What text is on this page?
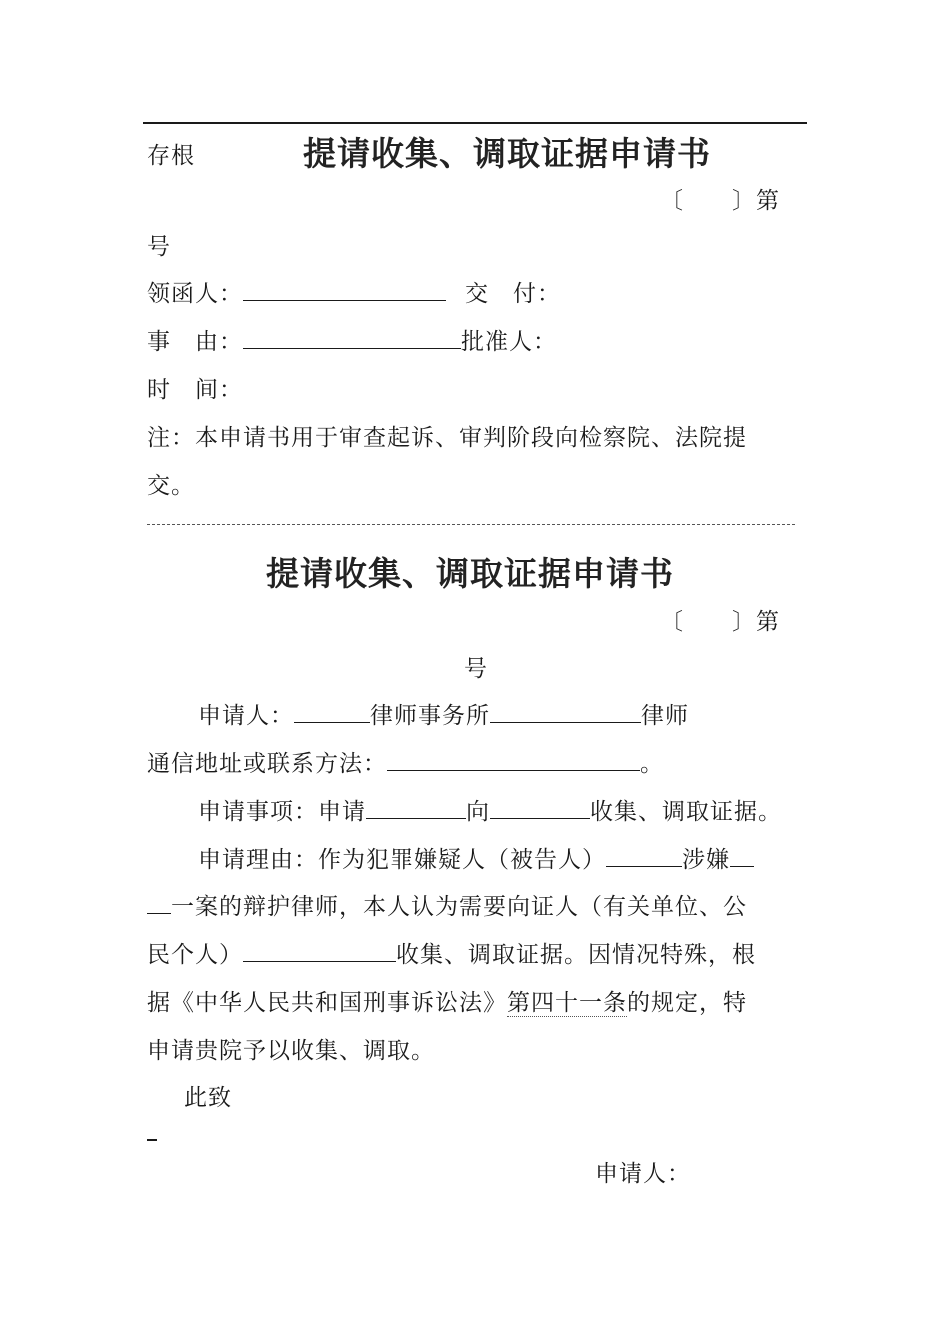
存根	提请收集、调取证据申请书
〔　　〕第
号
领函人：	交　付：
事　由：	批准人：
时　间：
注：本申请书用于审查起诉、审判阶段向检察院、法院提
交。
提请收集、调取证据申请书
〔　　〕第
号
申请人：	律师事务所	律师
通信地址或联系方法：	。
申请事项：申请	向	收集、调取证据。
申请理由：作为犯罪嫌疑人（被告人）	涉嫌
一案的辩护律师，本人认为需要向证人（有关单位、公
民个人）	收集、调取证据。因情况特殊，根
据《中华人民共和国刑事诉讼法》第四十一条的规定，特
申请贵院予以收集、调取。
此致
申请人：
